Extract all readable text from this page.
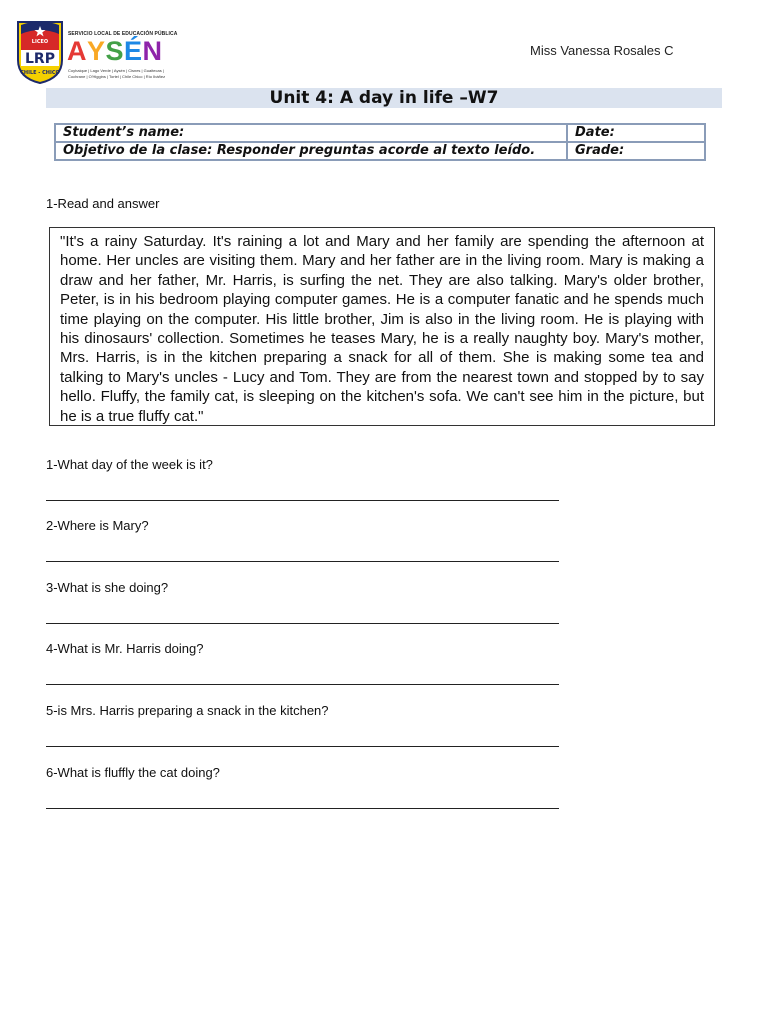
LICEO
LRP
CHILE - CHICO
SERVICIO LOCAL DE EDUCACIÓN PÚBLICA
AYSÉN
Coyhaique | Lago Verde | Aysén | Cisnes | Guaitecas | Cochrane | O'Higgins | Tortel | Chile Chico | Río Ibáñez
Miss Vanessa Rosales C
Unit 4: A day in life –W7
Student’s name:	Date:
Objetivo de la clase: Responder preguntas acorde al texto leído.	Grade:
1-Read and answer

"It's a rainy Saturday. It's raining a lot and Mary and her family are spending the afternoon at home. Her uncles are visiting them. Mary and her father are in the living room. Mary is making a draw and her father, Mr. Harris, is surfing the net. They are also talking. Mary's older brother, Peter, is in his bedroom playing computer games. He is a computer fanatic and he spends much time playing on the computer. His little brother, Jim is also in the living room. He is playing with his dinosaurs' collection. Sometimes he teases Mary, he is a really naughty boy. Mary's mother, Mrs. Harris, is in the kitchen preparing a snack for all of them. She is making some tea and talking to Mary's uncles - Lucy and Tom. They are from the nearest town and stopped by to say hello. Fluffy, the family cat, is sleeping on the kitchen's sofa. We can't see him in the picture, but he is a true fluffy cat."

1-What day of the week is it?
2-Where is Mary?
3-What is she doing?
4-What is Mr. Harris doing?
5-is Mrs. Harris preparing a snack in the kitchen?
6-What is fluffly the cat doing?
